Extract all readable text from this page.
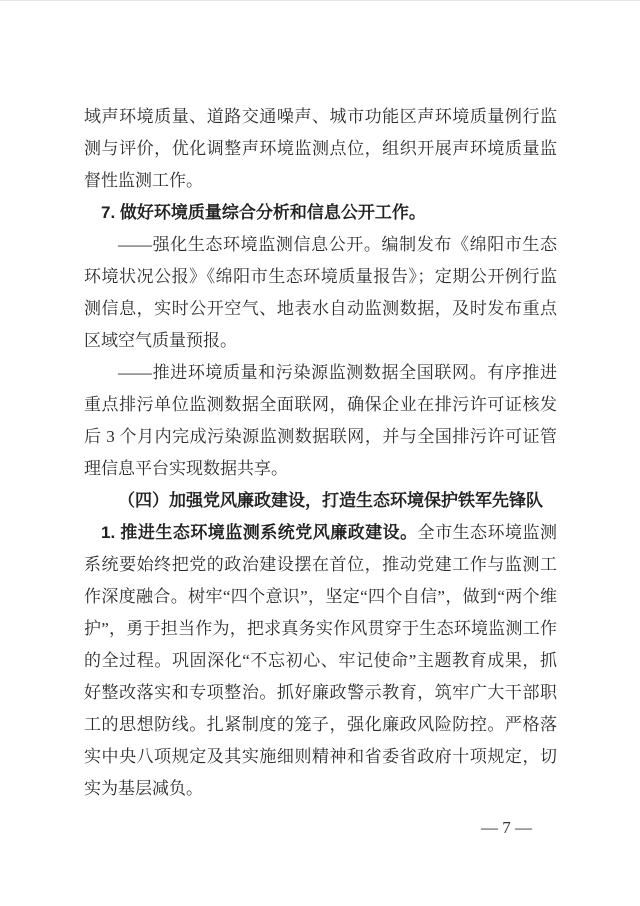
域声环境质量、道路交通噪声、城市功能区声环境质量例行监测与评价，优化调整声环境监测点位，组织开展声环境质量监督性监测工作。

7. 做好环境质量综合分析和信息公开工作。

——强化生态环境监测信息公开。编制发布《绵阳市生态环境状况公报》《绵阳市生态环境质量报告》；定期公开例行监测信息，实时公开空气、地表水自动监测数据，及时发布重点区域空气质量预报。

——推进环境质量和污染源监测数据全国联网。有序推进重点排污单位监测数据全面联网，确保企业在排污许可证核发后 3 个月内完成污染源监测数据联网，并与全国排污许可证管理信息平台实现数据共享。

（四）加强党风廉政建设，打造生态环境保护铁军先锋队

1. 推进生态环境监测系统党风廉政建设。全市生态环境监测系统要始终把党的政治建设摆在首位，推动党建工作与监测工作深度融合。树牢“四个意识”，坚定“四个自信”，做到“两个维护”，勇于担当作为，把求真务实作风贯穿于生态环境监测工作的全过程。巩固深化“不忘初心、牢记使命”主题教育成果，抓好整改落实和专项整治。抓好廉政警示教育，筑牢广大干部职工的思想防线。扎紧制度的笼子，强化廉政风险防控。严格落实中央八项规定及其实施细则精神和省委省政府十项规定，切实为基层减负。

— 7 —
